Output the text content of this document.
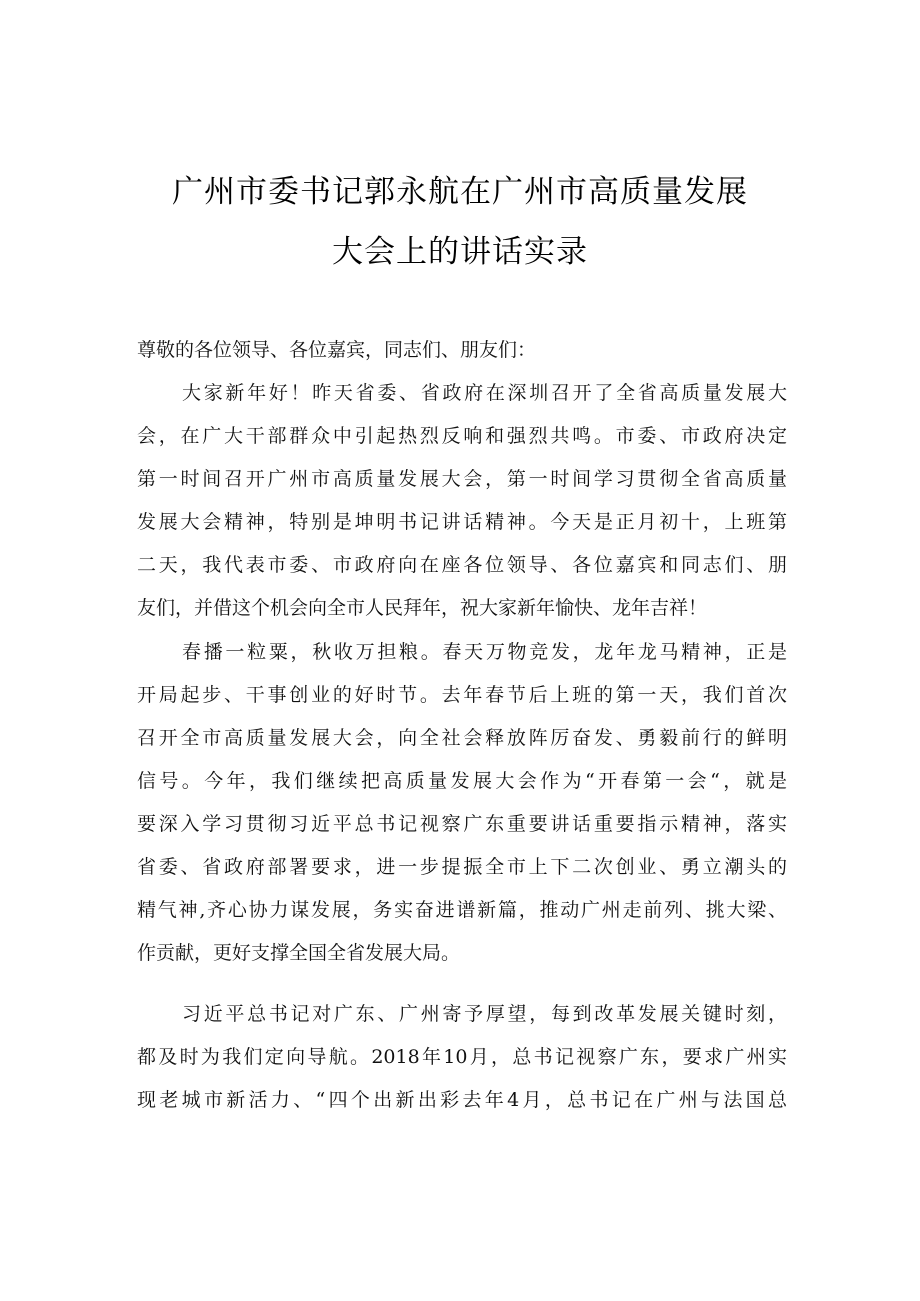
广州市委书记郭永航在广州市高质量发展
大会上的讲话实录
尊敬的各位领导、各位嘉宾，同志们、朋友们：
大家新年好！昨天省委、省政府在深圳召开了全省高质量发展大
会，在广大干部群众中引起热烈反响和强烈共鸣。市委、市政府决定
第一时间召开广州市高质量发展大会，第一时间学习贯彻全省高质量
发展大会精神，特别是坤明书记讲话精神。今天是正月初十，上班第
二天，我代表市委、市政府向在座各位领导、各位嘉宾和同志们、朋
友们，并借这个机会向全市人民拜年，祝大家新年愉快、龙年吉祥！
春播一粒粟，秋收万担粮。春天万物竞发，龙年龙马精神，正是
开局起步、干事创业的好时节。去年春节后上班的第一天，我们首次
召开全市高质量发展大会，向全社会释放阵厉奋发、勇毅前行的鲜明
信号。今年，我们继续把高质量发展大会作为“开春第一会“，就是
要深入学习贯彻习近平总书记视察广东重要讲话重要指示精神，落实
省委、省政府部署要求，进一步提振全市上下二次创业、勇立潮头的
精气神,齐心协力谋发展，务实奋进谱新篇，推动广州走前列、挑大梁、
作贡献，更好支撑全国全省发展大局。
习近平总书记对广东、广州寄予厚望，每到改革发展关键时刻，
都及时为我们定向导航。2018年10月，总书记视察广东，要求广州实
现老城市新活力、“四个出新出彩去年4月，总书记在广州与法国总
